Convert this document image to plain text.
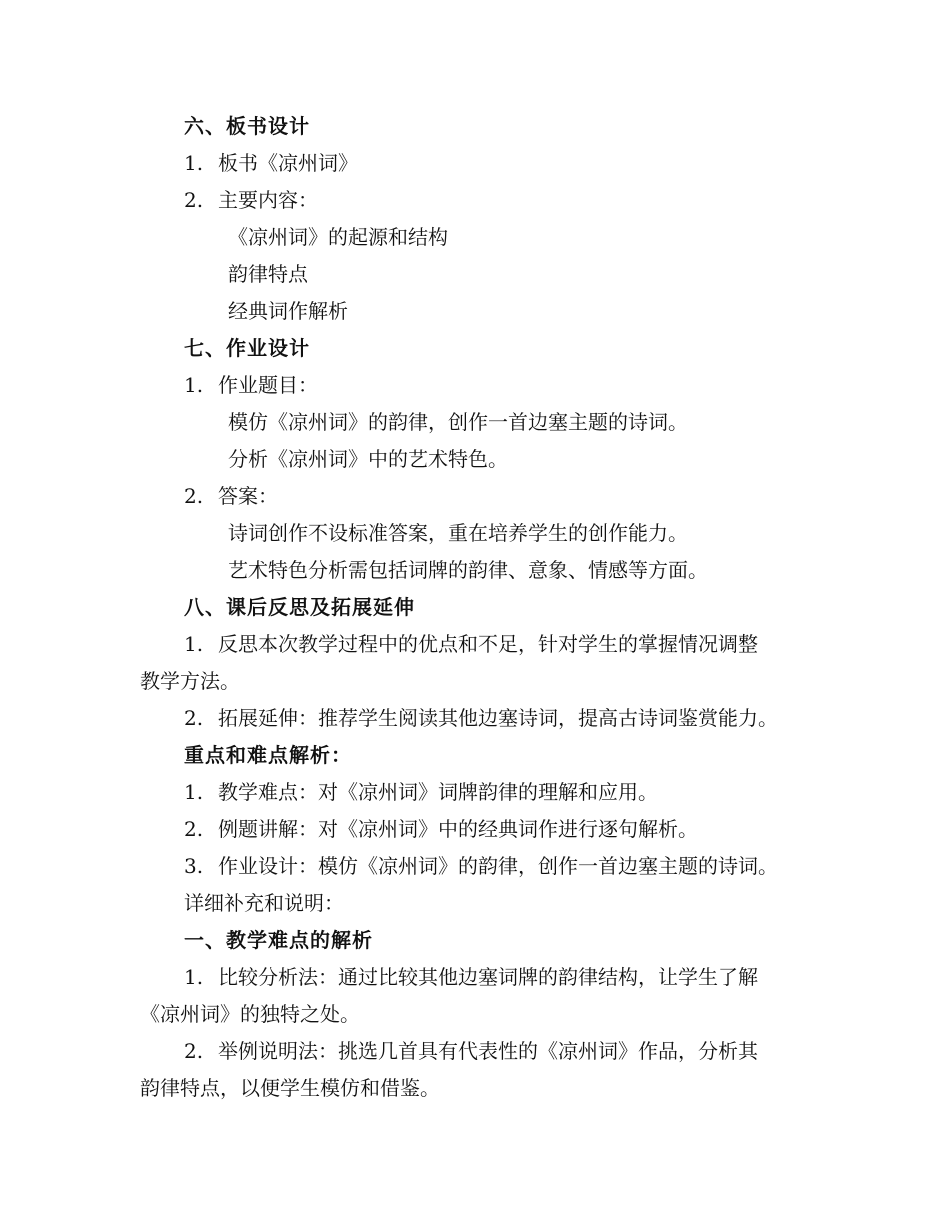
六、板书设计
1. 板书《凉州词》
2. 主要内容：
《凉州词》的起源和结构
韵律特点
经典词作解析
七、作业设计
1. 作业题目：
模仿《凉州词》的韵律，创作一首边塞主题的诗词。
分析《凉州词》中的艺术特色。
2. 答案：
诗词创作不设标准答案，重在培养学生的创作能力。
艺术特色分析需包括词牌的韵律、意象、情感等方面。
八、课后反思及拓展延伸
1. 反思本次教学过程中的优点和不足，针对学生的掌握情况调整
教学方法。
2. 拓展延伸：推荐学生阅读其他边塞诗词，提高古诗词鉴赏能力。
重点和难点解析：
1. 教学难点：对《凉州词》词牌韵律的理解和应用。
2. 例题讲解：对《凉州词》中的经典词作进行逐句解析。
3. 作业设计：模仿《凉州词》的韵律，创作一首边塞主题的诗词。
详细补充和说明：
一、教学难点的解析
1. 比较分析法：通过比较其他边塞词牌的韵律结构，让学生了解
《凉州词》的独特之处。
2. 举例说明法：挑选几首具有代表性的《凉州词》作品，分析其
韵律特点，以便学生模仿和借鉴。
